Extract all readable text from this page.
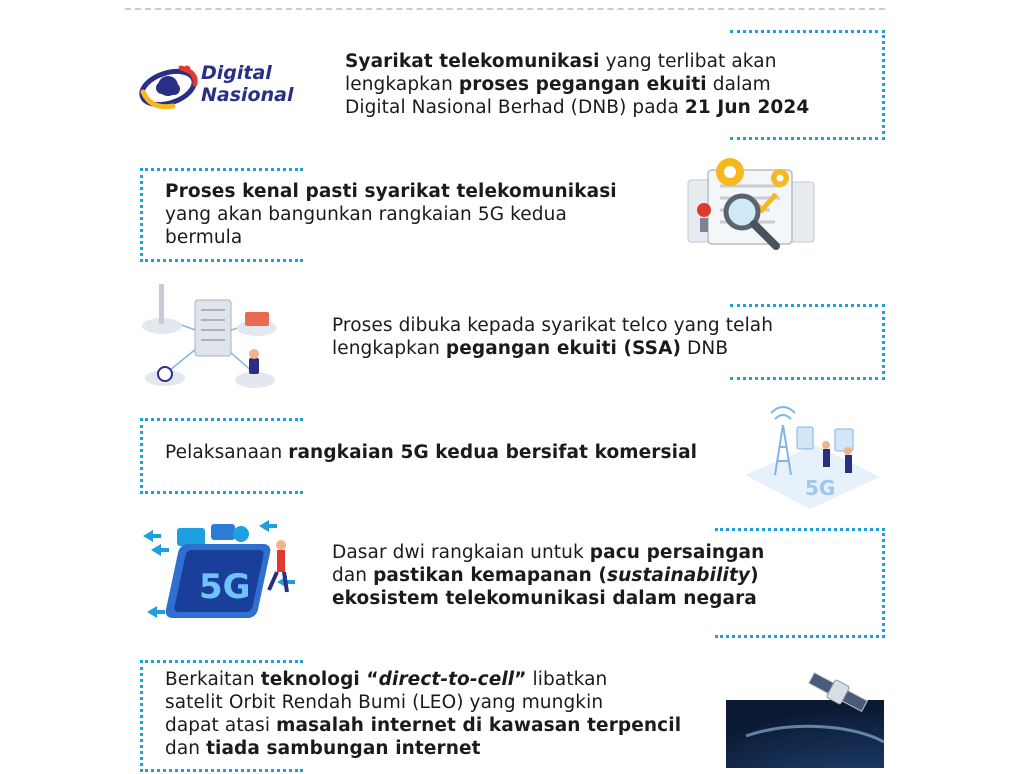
Digital
Nasional
Syarikat telekomunikasi yang terlibat akan
lengkapkan proses pegangan ekuiti dalam
Digital Nasional Berhad (DNB) pada 21 Jun 2024
Proses kenal pasti syarikat telekomunikasi
yang akan bangunkan rangkaian 5G kedua
bermula
Proses dibuka kepada syarikat telco yang telah
lengkapkan pegangan ekuiti (SSA) DNB
Pelaksanaan rangkaian 5G kedua bersifat komersial
5G
5G
Dasar dwi rangkaian untuk pacu persaingan
dan pastikan kemapanan (sustainability)
ekosistem telekomunikasi dalam negara
Berkaitan teknologi “direct-to-cell” libatkan
satelit Orbit Rendah Bumi (LEO) yang mungkin
dapat atasi masalah internet di kawasan terpencil
dan tiada sambungan internet
